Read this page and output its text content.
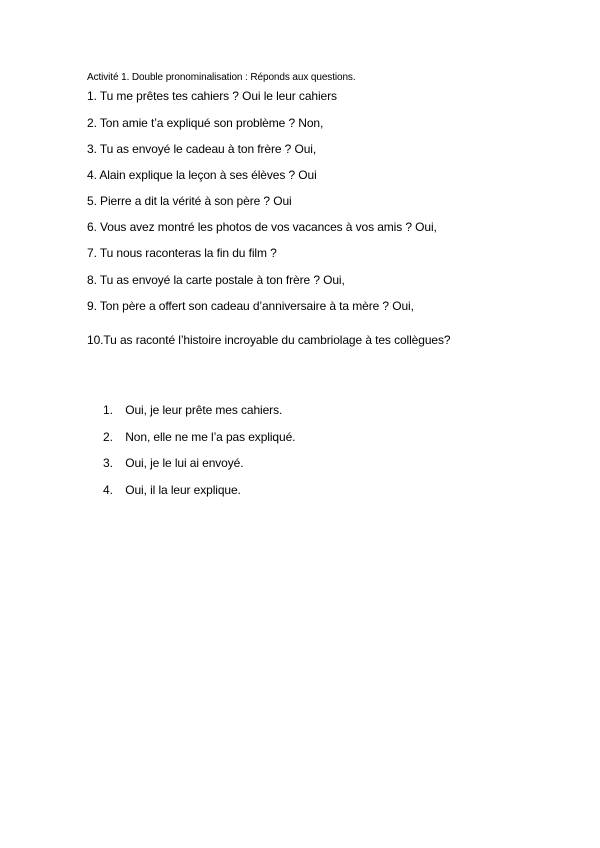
Activité 1. Double pronominalisation : Réponds aux questions.
1. Tu me prêtes tes cahiers ? Oui le leur cahiers
2. Ton amie t’a expliqué son problème ? Non,
3. Tu as envoyé le cadeau à ton frère ? Oui,
4. Alain explique la leçon à ses élèves ? Oui
5. Pierre a dit la vérité à son père ? Oui
6. Vous avez montré les photos de vos vacances à vos amis ? Oui,
7. Tu nous raconteras la fin du film ?
8. Tu as envoyé la carte postale à ton frère ? Oui,
9. Ton père a offert son cadeau d’anniversaire à ta mère ? Oui,
10.Tu as raconté l’histoire incroyable du cambriolage à tes collègues?
1. Oui, je leur prête mes cahiers.
2. Non, elle ne me l’a pas expliqué.
3. Oui, je le lui ai envoyé.
4. Oui, il la leur explique.
